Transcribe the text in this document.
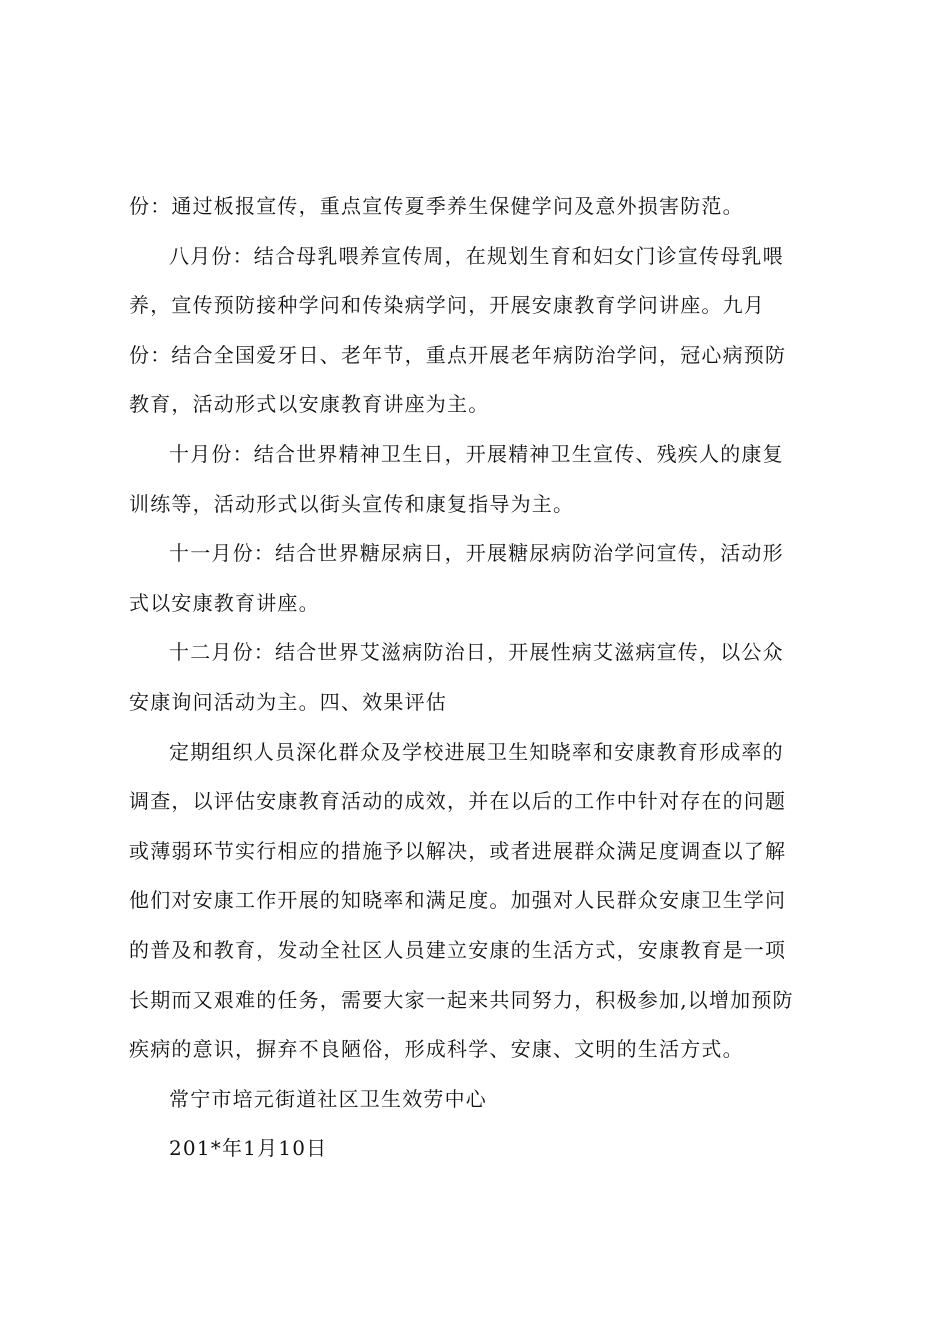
份：通过板报宣传，重点宣传夏季养生保健学问及意外损害防范。

八月份：结合母乳喂养宣传周，在规划生育和妇女门诊宣传母乳喂
养，宣传预防接种学问和传染病学问，开展安康教育学问讲座。九月
份：结合全国爱牙日、老年节，重点开展老年病防治学问，冠心病预防
教育，活动形式以安康教育讲座为主。

十月份：结合世界精神卫生日，开展精神卫生宣传、残疾人的康复
训练等，活动形式以街头宣传和康复指导为主。

十一月份：结合世界糖尿病日，开展糖尿病防治学问宣传，活动形
式以安康教育讲座。

十二月份：结合世界艾滋病防治日，开展性病艾滋病宣传，以公众
安康询问活动为主。四、效果评估

定期组织人员深化群众及学校进展卫生知晓率和安康教育形成率的
调查，以评估安康教育活动的成效，并在以后的工作中针对存在的问题
或薄弱环节实行相应的措施予以解决，或者进展群众满足度调查以了解
他们对安康工作开展的知晓率和满足度。加强对人民群众安康卫生学问
的普及和教育，发动全社区人员建立安康的生活方式，安康教育是一项
长期而又艰难的任务，需要大家一起来共同努力，积极参加,以增加预防
疾病的意识，摒弃不良陋俗，形成科学、安康、文明的生活方式。

常宁市培元街道社区卫生效劳中心

201*年1月10日
